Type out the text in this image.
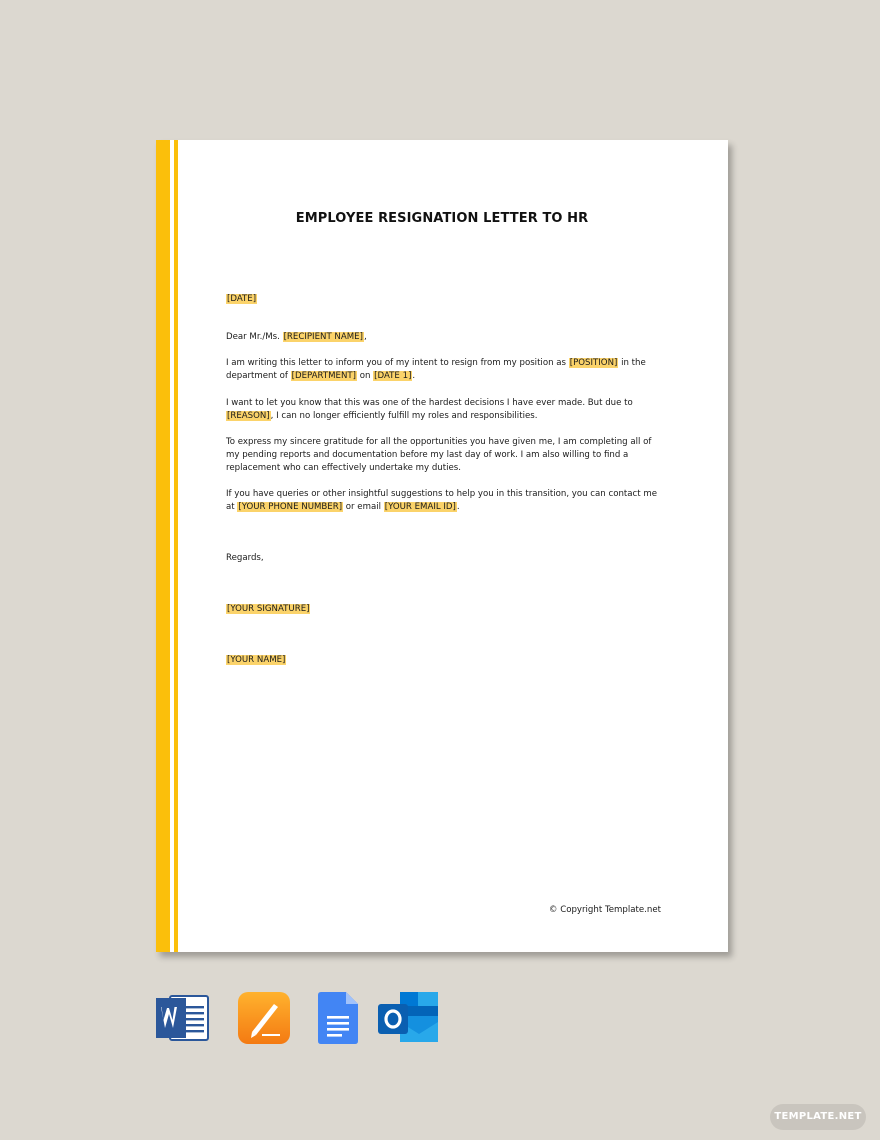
EMPLOYEE RESIGNATION LETTER TO HR

[DATE]

Dear Mr./Ms. [RECIPIENT NAME],

I am writing this letter to inform you of my intent to resign from my position as [POSITION] in the department of [DEPARTMENT] on [DATE 1].

I want to let you know that this was one of the hardest decisions I have ever made. But due to [REASON], I can no longer efficiently fulfill my roles and responsibilities.

To express my sincere gratitude for all the opportunities you have given me, I am completing all of my pending reports and documentation before my last day of work. I am also willing to find a replacement who can effectively undertake my duties.

If you have queries or other insightful suggestions to help you in this transition, you can contact me at [YOUR PHONE NUMBER] or email [YOUR EMAIL ID].

Regards,

[YOUR SIGNATURE]

[YOUR NAME]

© Copyright Template.net
TEMPLATE.NET
